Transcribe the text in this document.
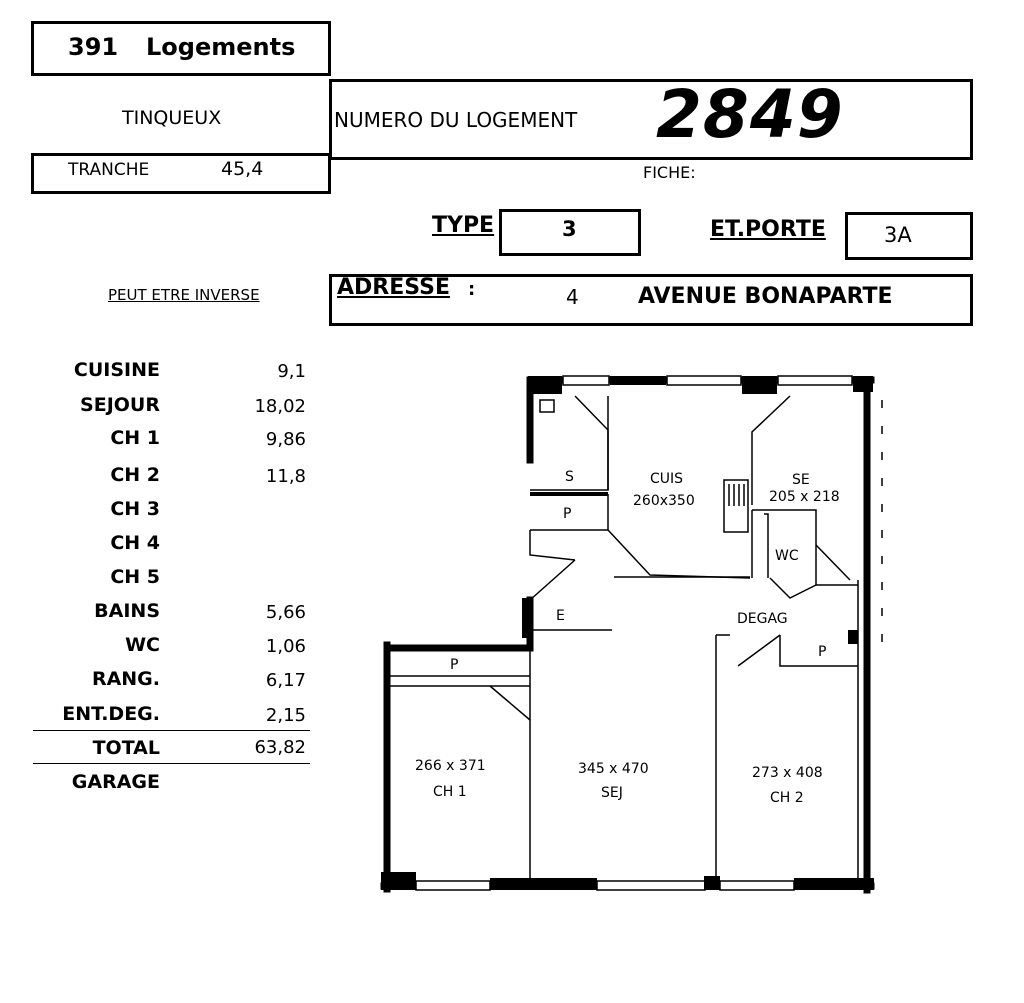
391 Logements
TINQUEUX
TRANCHE	45,4
NUMERO DU LOGEMENT 2849
FICHE:
TYPE	3	ET.PORTE	3A
PEUT ETRE INVERSE	ADRESSE :	4	AVENUE BONAPARTE
CUISINE	9,1
SEJOUR	18,02
CH 1	9,86
CH 2	11,8
CH 3
CH 4
CH 5
BAINS	5,66
WC	1,06
RANG.	6,17
ENT.DEG.	2,15
TOTAL	63,82
GARAGE
S
P
CUIS
260x350
SE
205 x 218
WC
E	DEGAG
P
P
266 x 371
CH 1
345 x 470
SEJ
273 x 408
CH 2
